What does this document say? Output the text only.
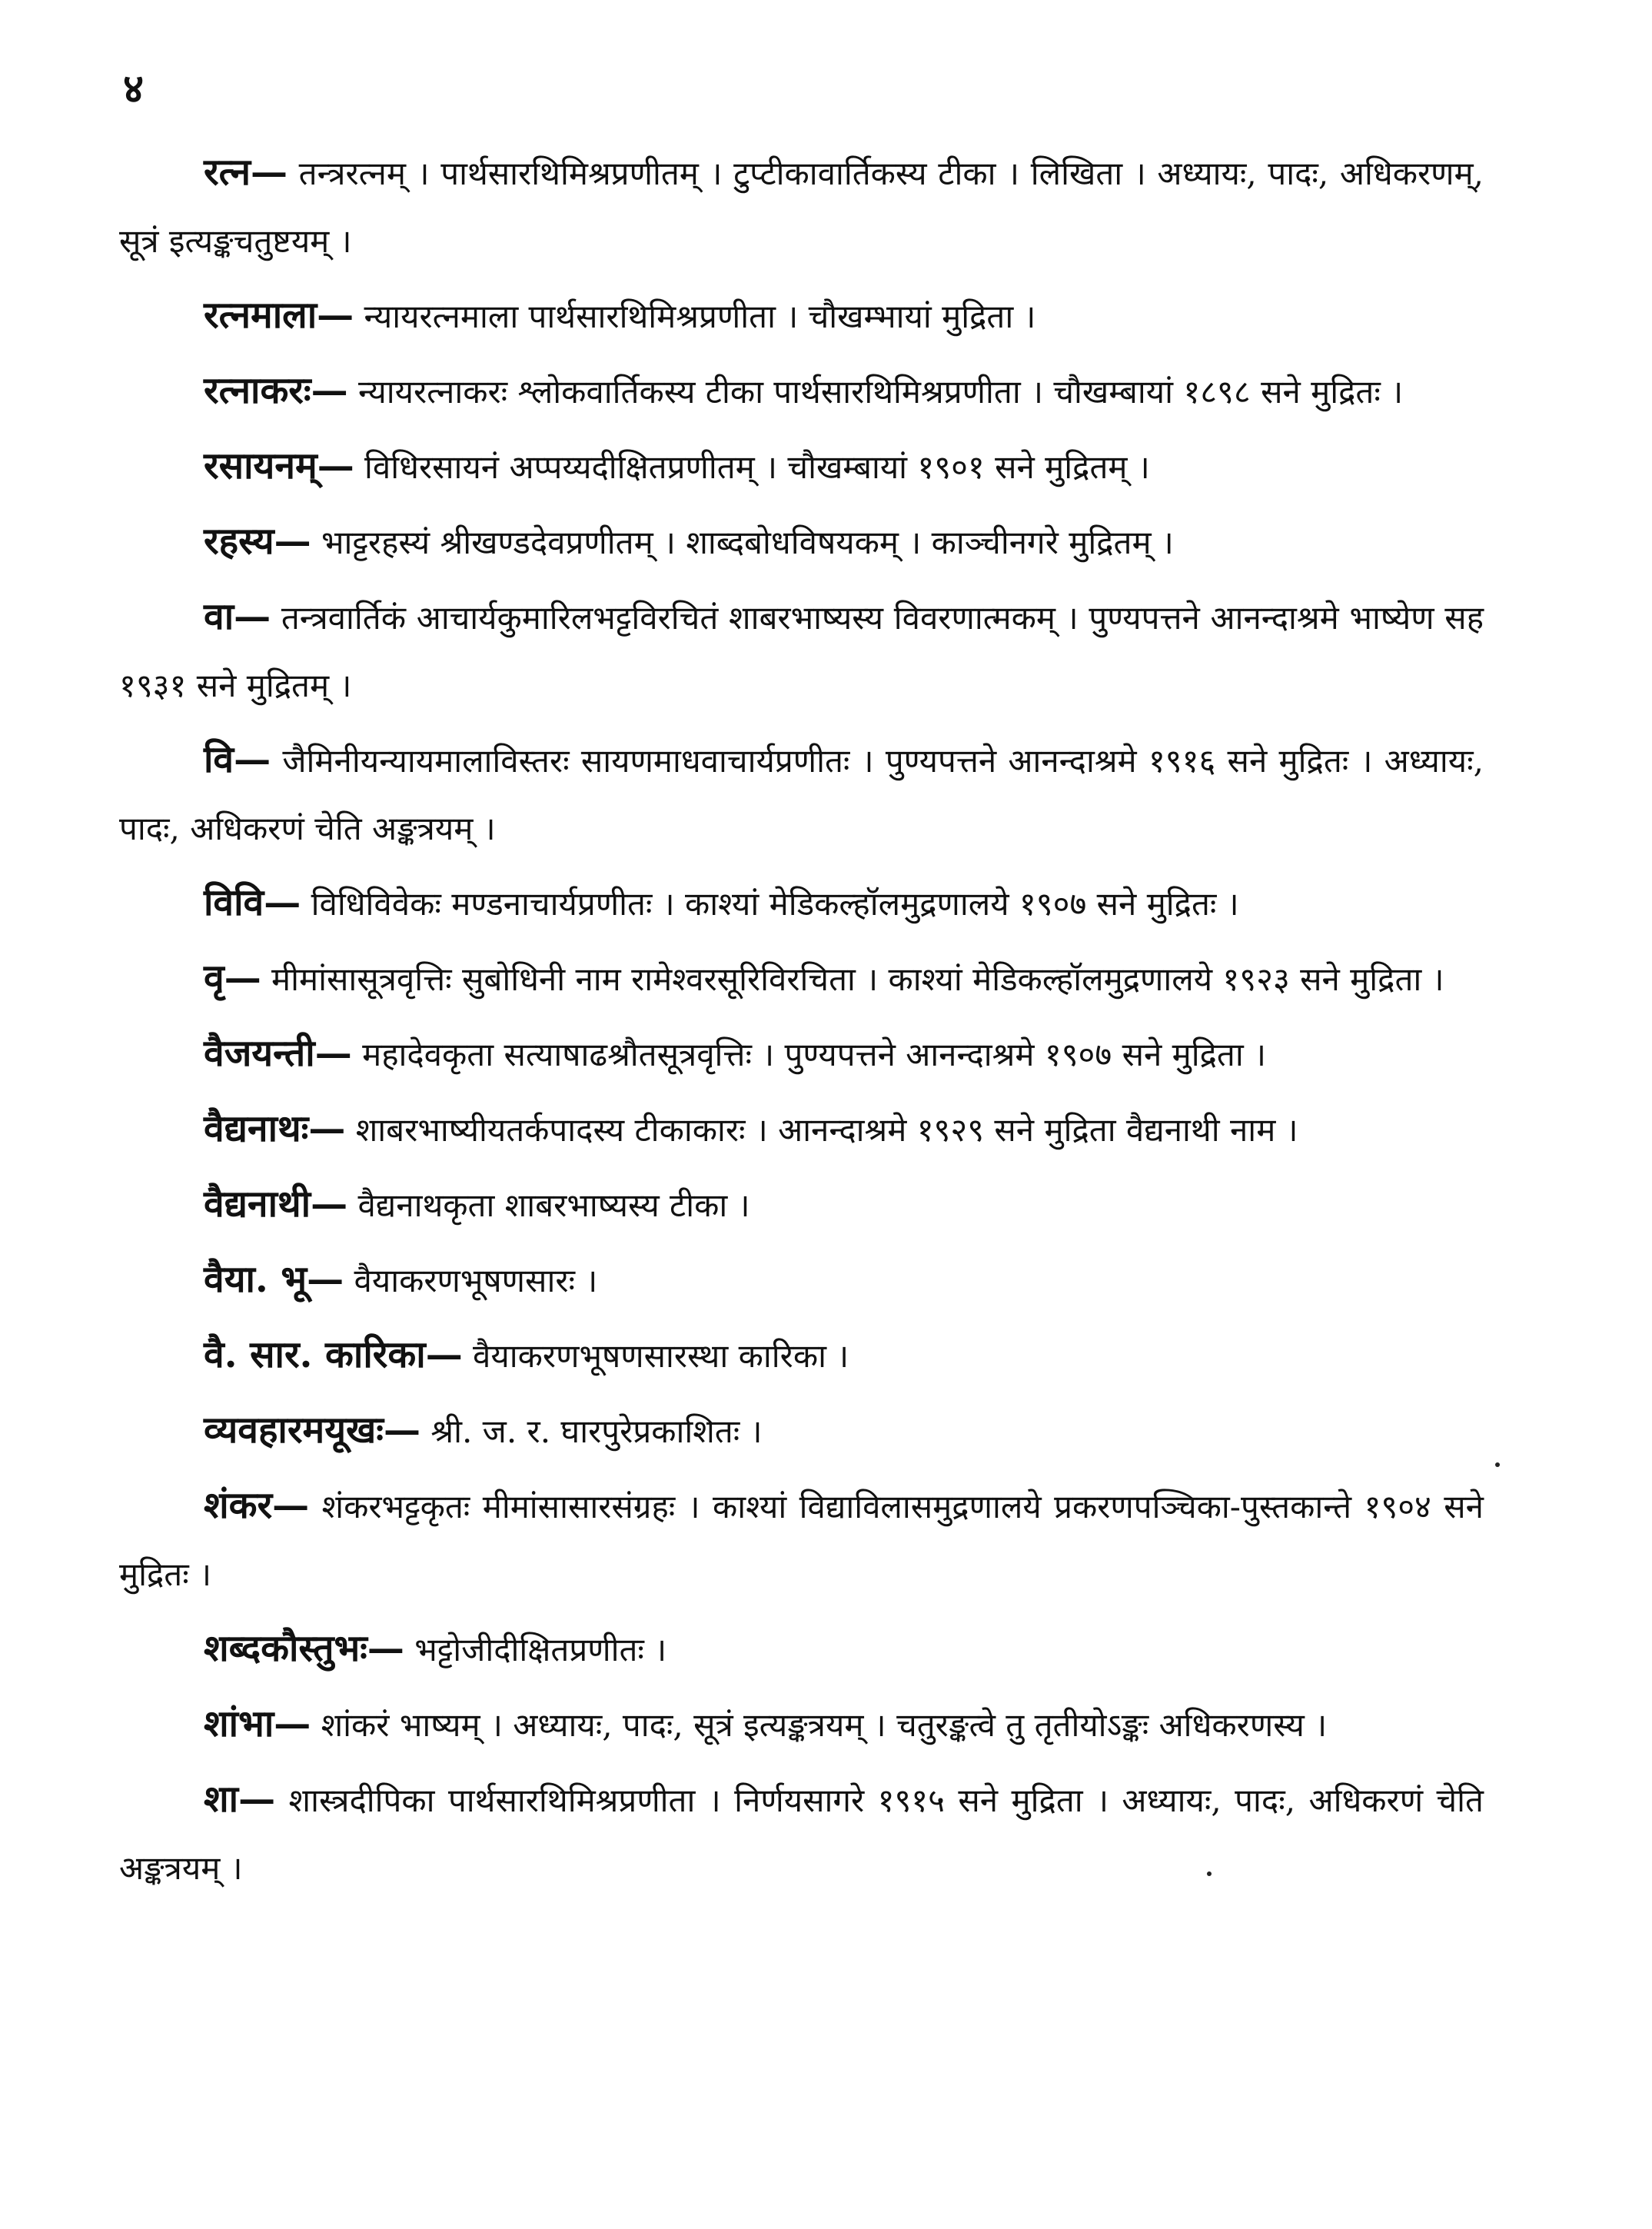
४

रत्न— तन्त्ररत्नम् । पार्थसारथिमिश्रप्रणीतम् । टुप्टीकावार्तिकस्य टीका । लिखिता । अध्यायः, पादः, अधिकरणम्, सूत्रं इत्यङ्कचतुष्टयम् ।

रत्नमाला— न्यायरत्नमाला पार्थसारथिमिश्रप्रणीता । चौखम्भायां मुद्रिता ।

रत्नाकरः— न्यायरत्नाकरः श्लोकवार्तिकस्य टीका पार्थसारथिमिश्रप्रणीता । चौखम्बायां १८९८ सने मुद्रितः ।

रसायनम्— विधिरसायनं अप्पय्यदीक्षितप्रणीतम् । चौखम्बायां १९०१ सने मुद्रितम् ।

रहस्य— भाट्टरहस्यं श्रीखण्डदेवप्रणीतम् । शाब्दबोधविषयकम् । काञ्चीनगरे मुद्रितम् ।

वा— तन्त्रवार्तिकं आचार्यकुमारिलभट्टविरचितं शाबरभाष्यस्य विवरणात्मकम् । पुण्यपत्तने आनन्दाश्रमे भाष्येण सह १९३१ सने मुद्रितम् ।

वि— जैमिनीयन्यायमालाविस्तरः सायणमाधवाचार्यप्रणीतः । पुण्यपत्तने आनन्दाश्रमे १९१६ सने मुद्रितः । अध्यायः, पादः, अधिकरणं चेति अङ्कत्रयम् ।

विवि— विधिविवेकः मण्डनाचार्यप्रणीतः । काश्यां मेडिकल्हॉलमुद्रणालये १९०७ सने मुद्रितः ।

वृ— मीमांसासूत्रवृत्तिः सुबोधिनी नाम रामेश्वरसूरिविरचिता । काश्यां मेडिकल्हॉलमुद्रणालये १९२३ सने मुद्रिता ।

वैजयन्ती— महादेवकृता सत्याषाढश्रौतसूत्रवृत्तिः । पुण्यपत्तने आनन्दाश्रमे १९०७ सने मुद्रिता ।

वैद्यनाथः— शाबरभाष्यीयतर्कपादस्य टीकाकारः । आनन्दाश्रमे १९२९ सने मुद्रिता वैद्यनाथी नाम ।

वैद्यनाथी— वैद्यनाथकृता शाबरभाष्यस्य टीका ।

वैया. भू— वैयाकरणभूषणसारः ।

वै. सार. कारिका— वैयाकरणभूषणसारस्था कारिका ।

व्यवहारमयूखः— श्री. ज. र. घारपुरेप्रकाशितः ।

शंकर— शंकरभट्टकृतः मीमांसासारसंग्रहः । काश्यां विद्याविलासमुद्रणालये प्रकरणपञ्चिका-पुस्तकान्ते १९०४ सने मुद्रितः ।

शब्दकौस्तुभः— भट्टोजीदीक्षितप्रणीतः ।

शांभा— शांकरं भाष्यम् । अध्यायः, पादः, सूत्रं इत्यङ्कत्रयम् । चतुरङ्कत्वे तु तृतीयोऽङ्कः अधिकरणस्य ।

शा— शास्त्रदीपिका पार्थसारथिमिश्रप्रणीता । निर्णयसागरे १९१५ सने मुद्रिता । अध्यायः, पादः, अधिकरणं चेति अङ्कत्रयम् ।
